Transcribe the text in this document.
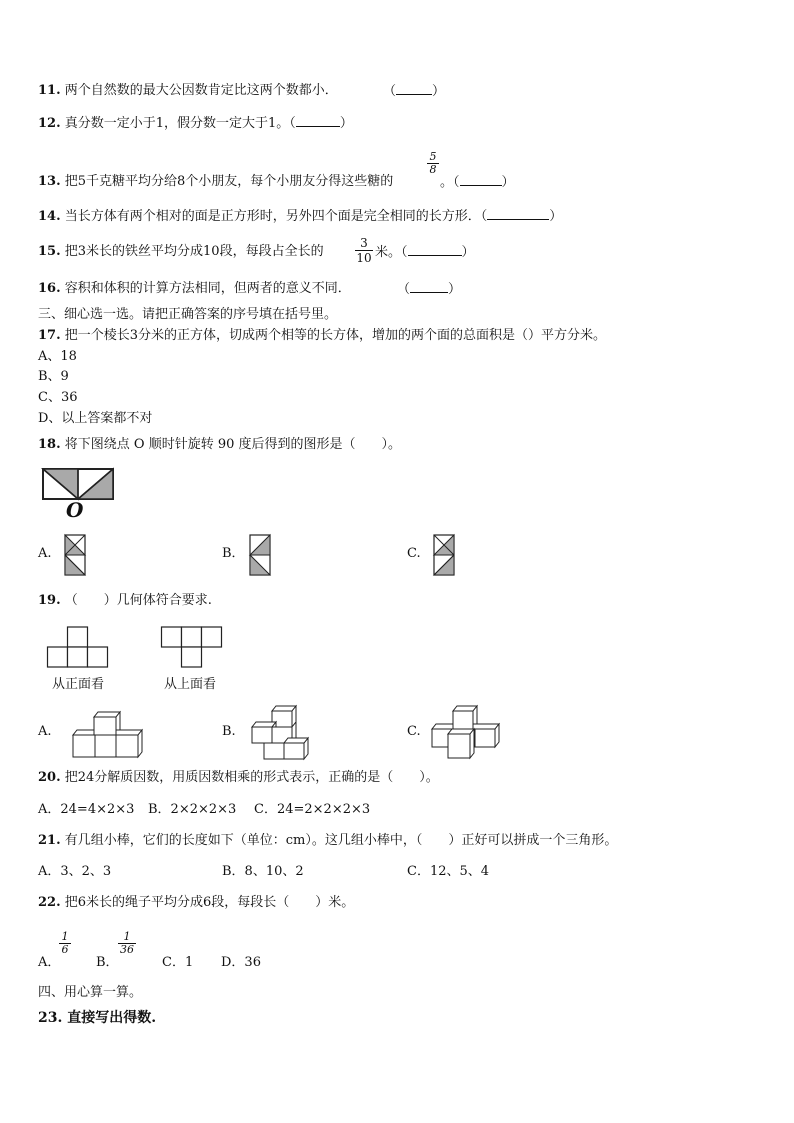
11. 两个自然数的最大公因数肯定比这两个数都小．	（	）
12. 真分数一定小于1，假分数一定大于1。（	）
13. 把5千克糖平均分给8个小朋友，每个小朋友分得这些糖的
5
8
。（	）
14. 当长方体有两个相对的面是正方形时，另外四个面是完全相同的长方形．（	）
15. 把3米长的铁丝平均分成10段，每段占全长的
3
10 米。（	）
16. 容积和体积的计算方法相同，但两者的意义不同．	（	）
三、细心选一选。请把正确答案的序号填在括号里。
17. 把一个棱长3分米的正方体，切成两个相等的长方体，增加的两个面的总面积是（）平方分米。
A、18
B、9
C、36
D、以上答案都不对
18. 将下图绕点 O 顺时针旋转 90 度后得到的图形是（　　）。
O
A.	B．	C.
19. （　　）几何体符合要求.
从正面看	从上面看
A.	B.	C.
20. 把24分解质因数，用质因数相乘的形式表示，正确的是（　　）。
A．24=4×2×3 B．2×2×2×3 C．24=2×2×2×3
21. 有几组小棒，它们的长度如下（单位：cm）。这几组小棒中，（　　）正好可以拼成一个三角形。
A．3、2、3	B．8、10、2	C．12、5、4
22. 把6米长的绳子平均分成6段，每段长（　　）米。
A．
1
6
B．
1
36
C．1 D．36
四、用心算一算。
23. 直接写出得数.
